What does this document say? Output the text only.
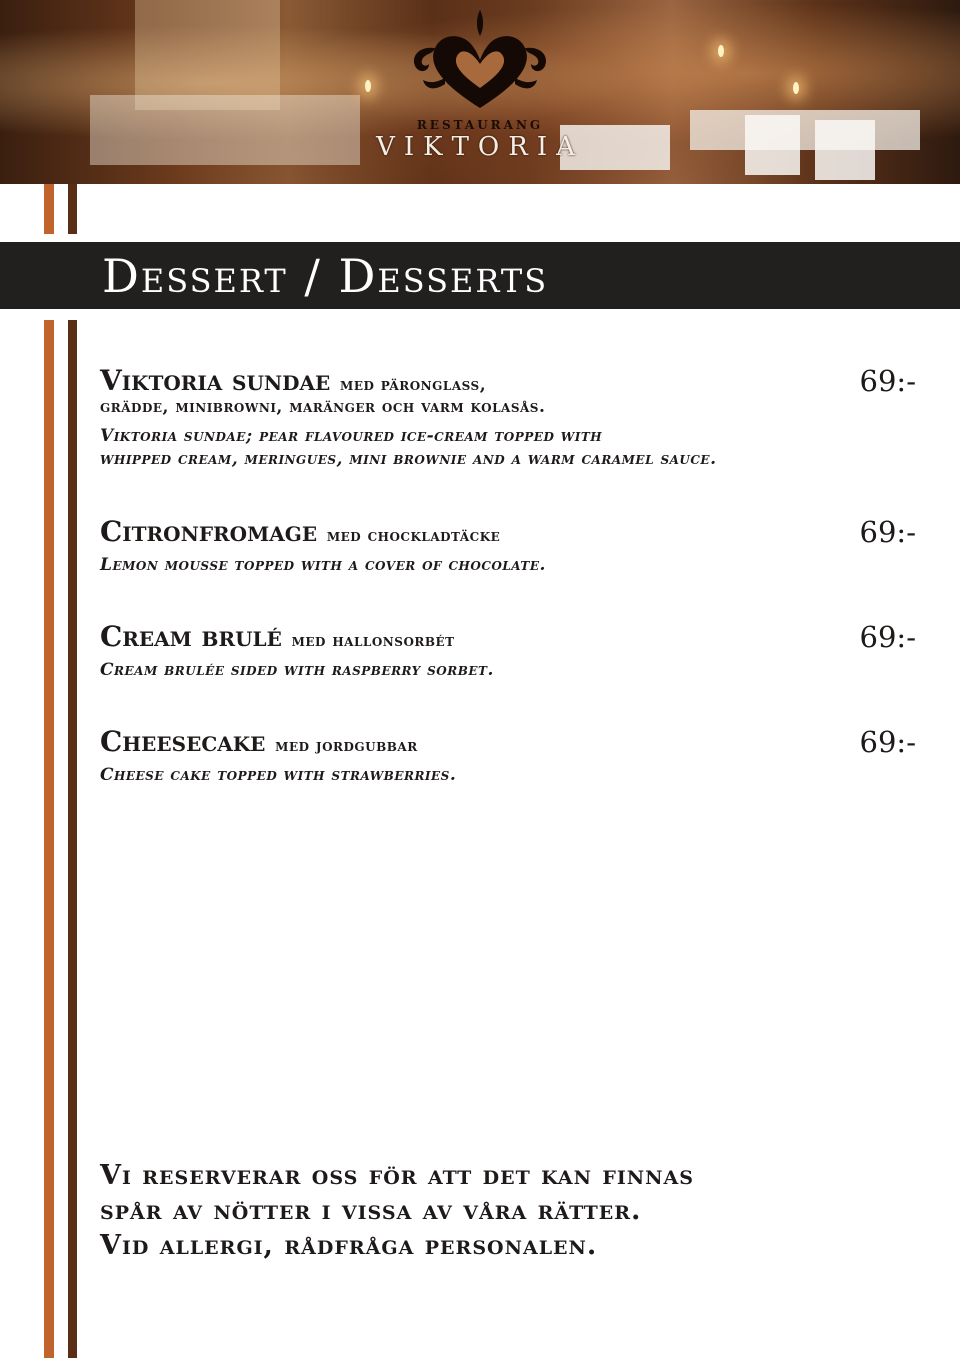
RESTAURANG
VIKTORIA
Dessert / Desserts
Viktoria sundae med päronglass,	69:-
grädde, minibrowni, maränger och varm kolasås.
Viktoria sundae; pear flavoured ice-cream topped with
whipped cream, meringues, mini brownie and a warm caramel sauce.
Citronfromage med chockladtäcke	69:-
Lemon mousse topped with a cover of chocolate.
Cream brulé med hallonsorbét	69:-
Cream brulée sided with raspberry sorbet.
Cheesecake med jordgubbar	69:-
Cheese cake topped with strawberries.
Vi reserverar oss för att det kan finnas
spår av nötter i vissa av våra rätter.
Vid allergi, rådfråga personalen.
